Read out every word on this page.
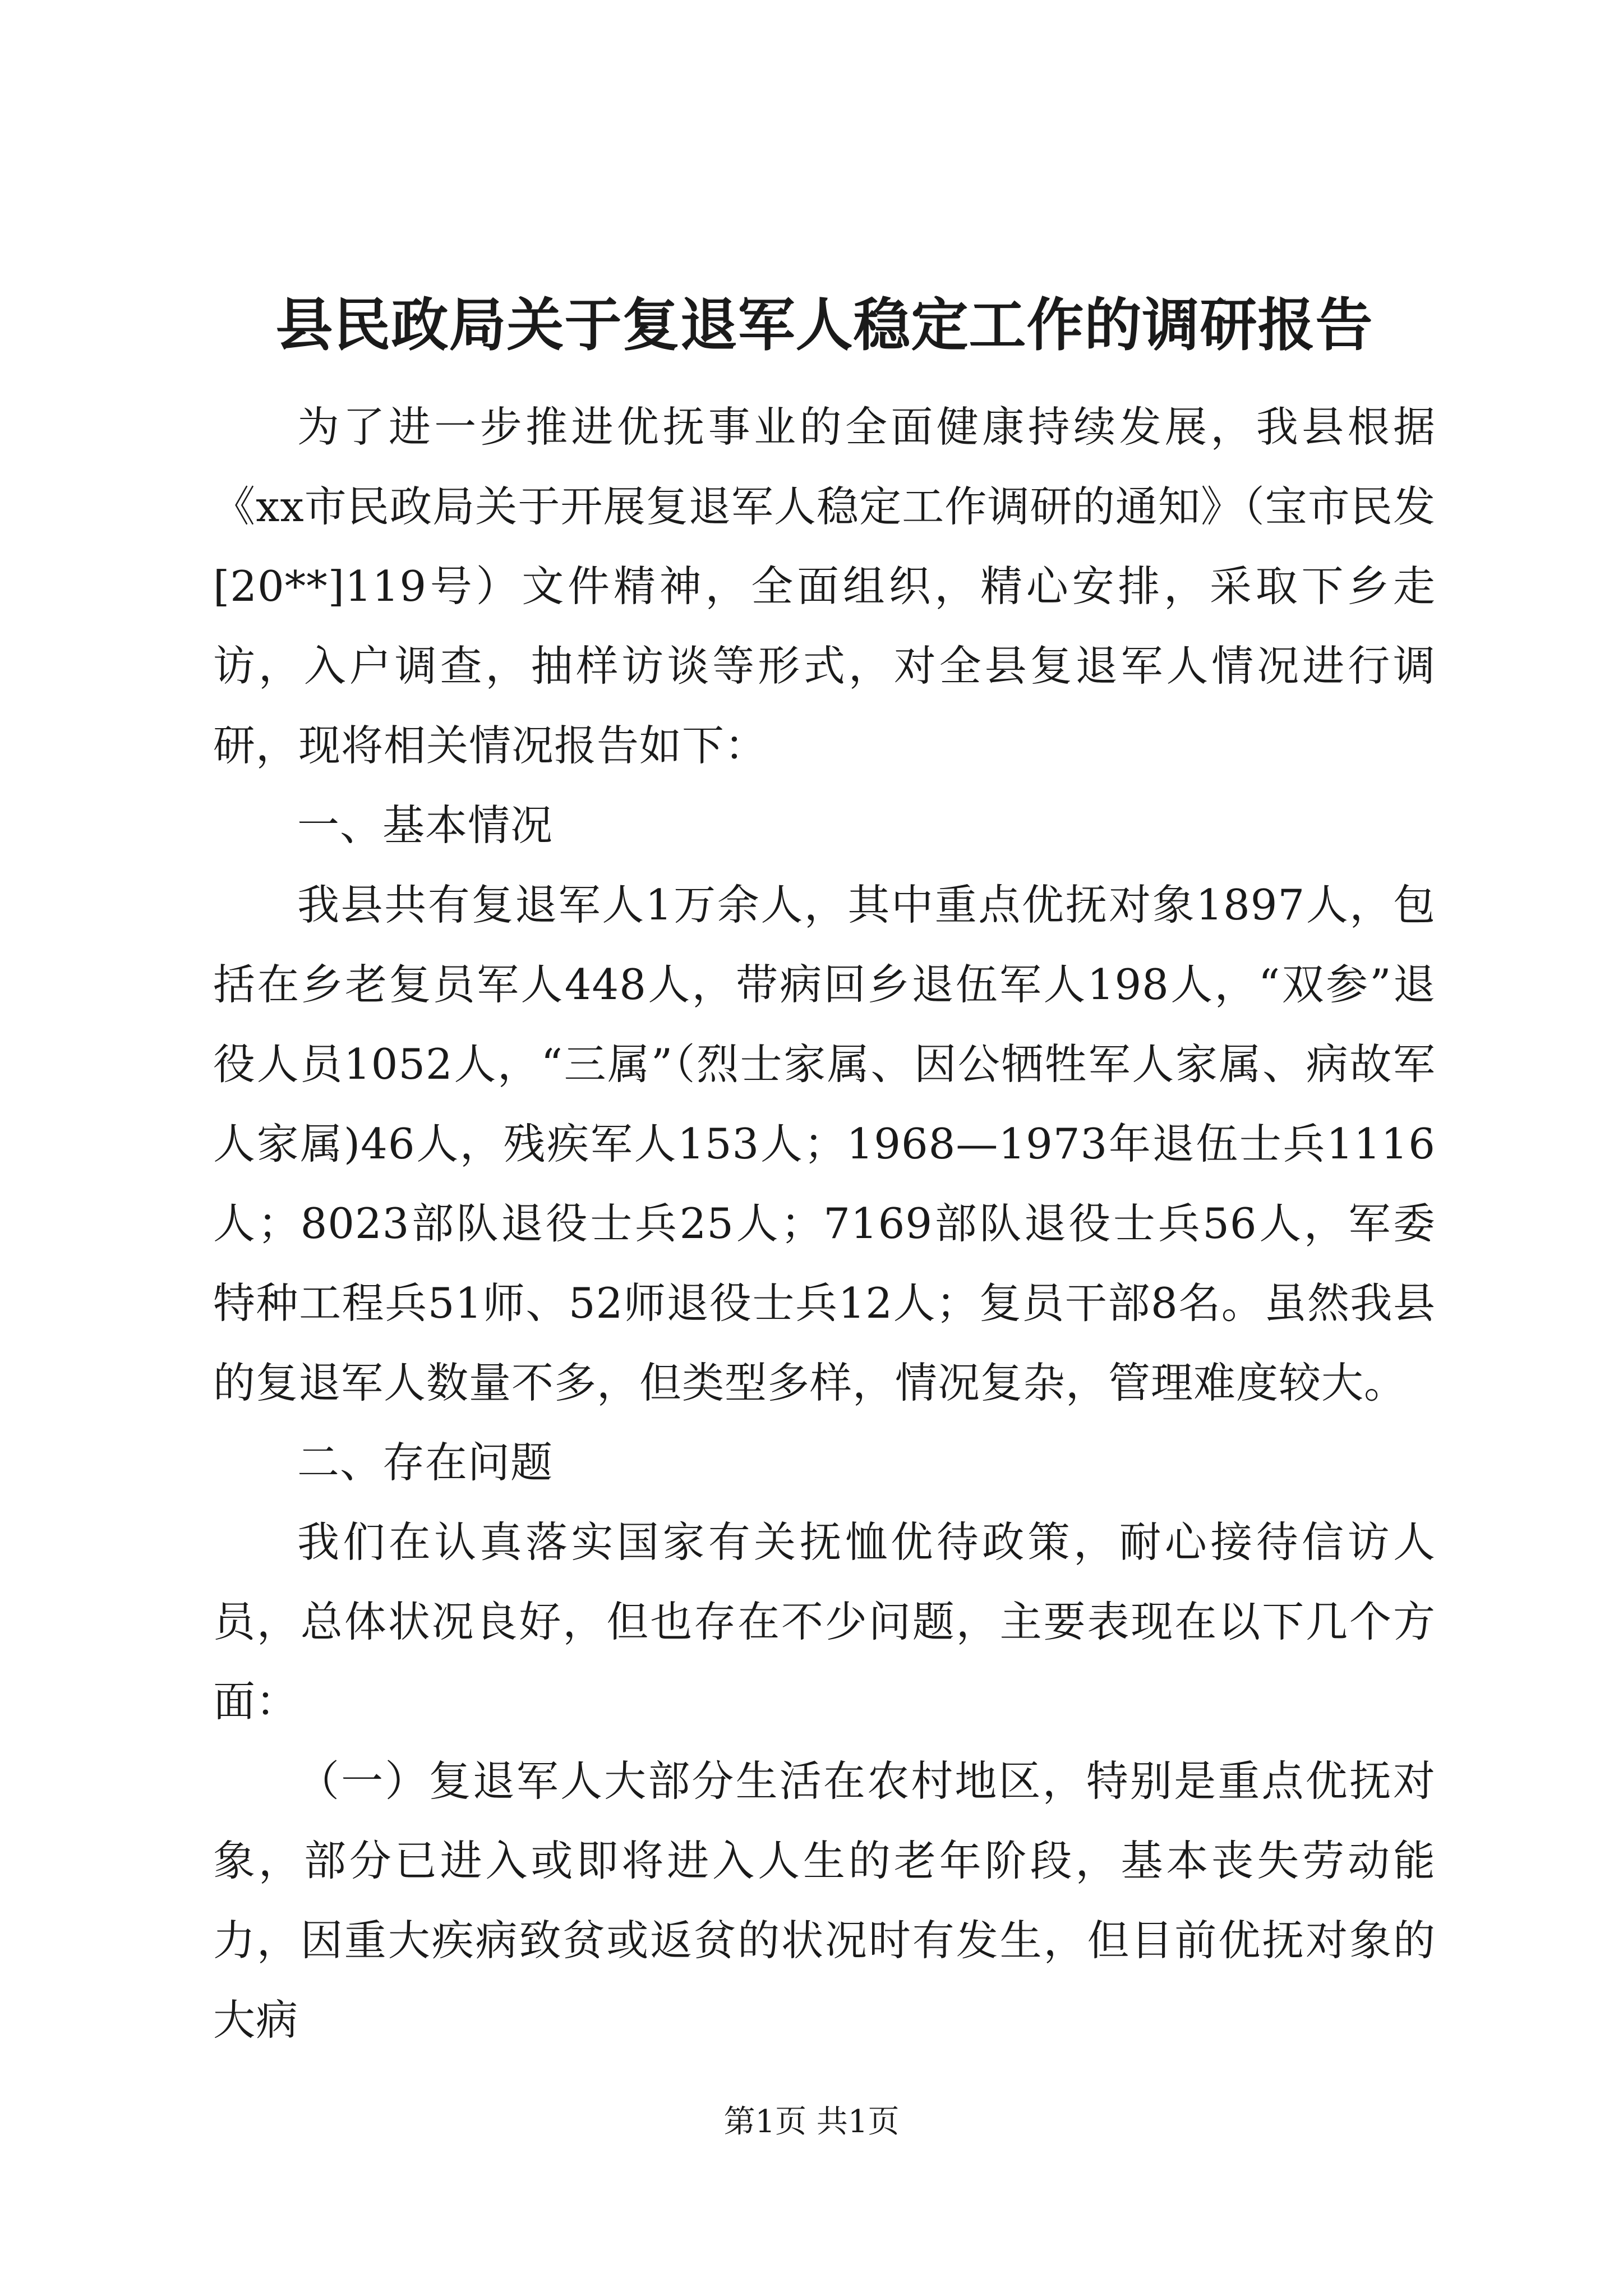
县民政局关于复退军人稳定工作的调研报告

为了进一步推进优抚事业的全面健康持续发展，我县根据《xx市民政局关于开展复退军人稳定工作调研的通知》（宝市民发[20**]119号）文件精神，全面组织，精心安排，采取下乡走访，入户调查，抽样访谈等形式，对全县复退军人情况进行调研，现将相关情况报告如下：

一、基本情况

我县共有复退军人1万余人，其中重点优抚对象1897人，包括在乡老复员军人448人，带病回乡退伍军人198人，“双参”退役人员1052人，“三属”（烈士家属、因公牺牲军人家属、病故军人家属)46人，残疾军人153人；1968—1973年退伍士兵1116人；8023部队退役士兵25人；7169部队退役士兵56人，军委特种工程兵51师、52师退役士兵12人；复员干部8名。虽然我县的复退军人数量不多，但类型多样，情况复杂，管理难度较大。

二、存在问题

我们在认真落实国家有关抚恤优待政策，耐心接待信访人员，总体状况良好，但也存在不少问题，主要表现在以下几个方面：

（一）复退军人大部分生活在农村地区，特别是重点优抚对象，部分已进入或即将进入人生的老年阶段，基本丧失劳动能力，因重大疾病致贫或返贫的状况时有发生，但目前优抚对象的大病

第1页 共1页
